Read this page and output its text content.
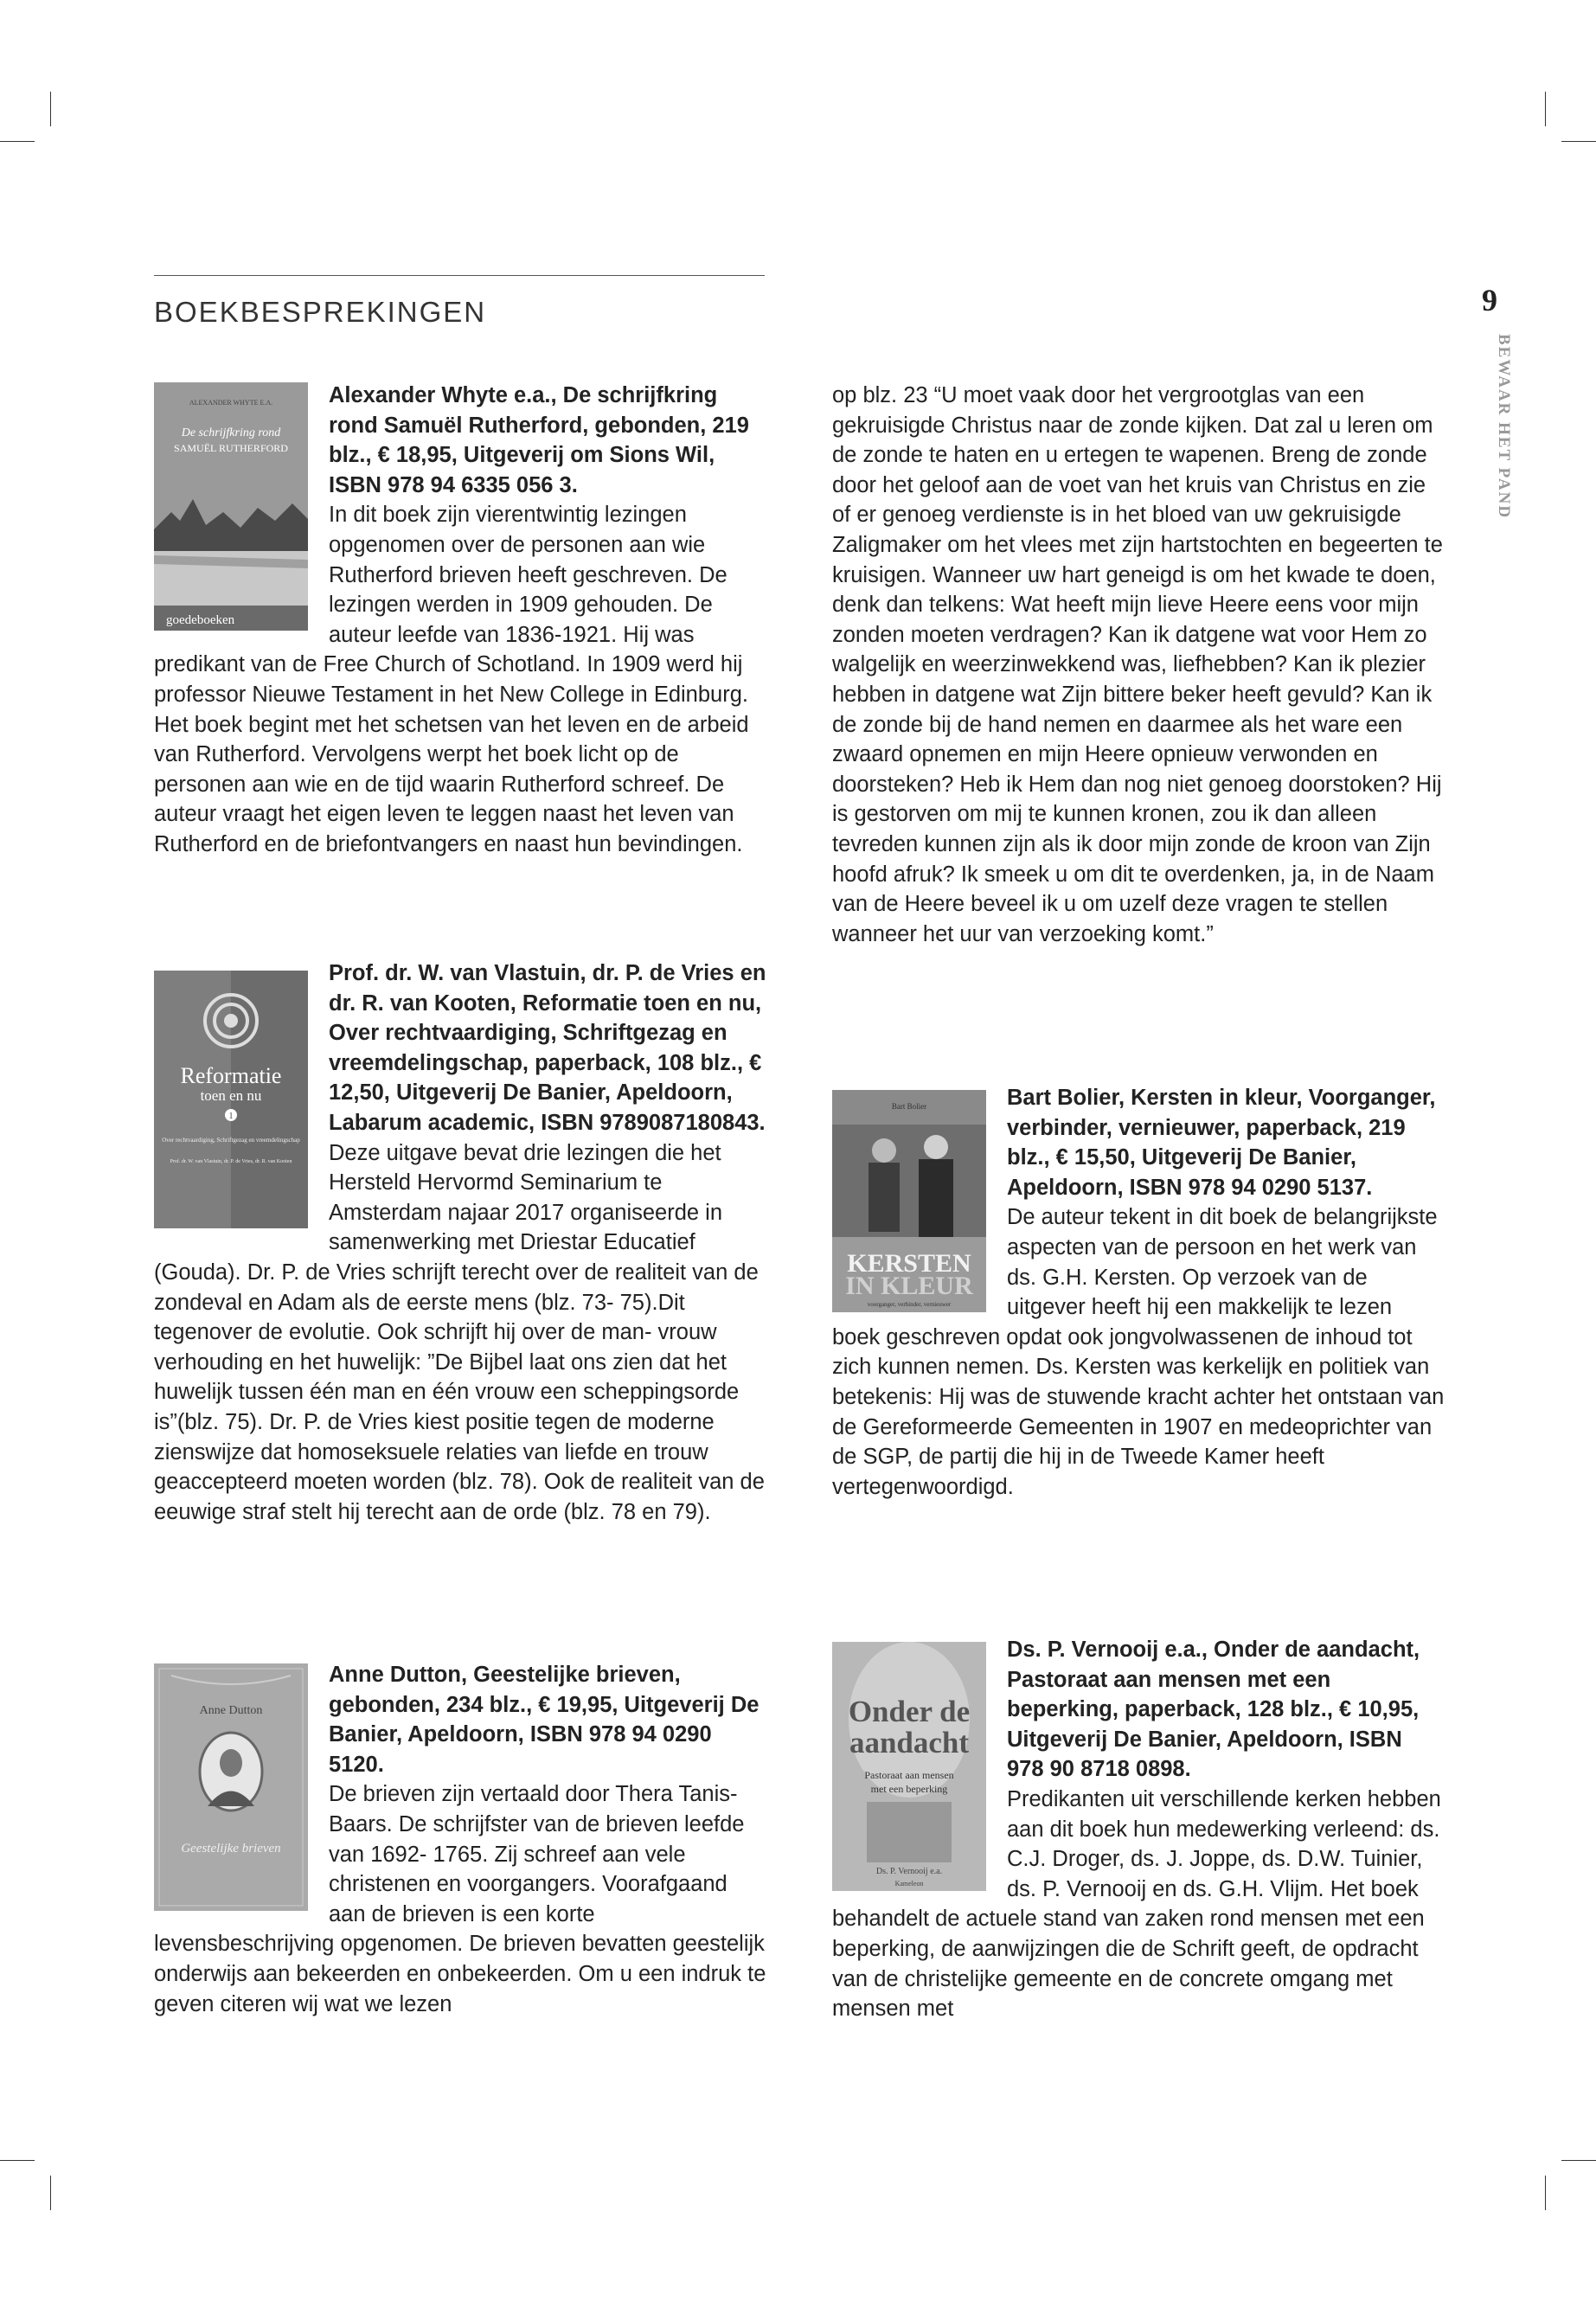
BOEKBESPREKINGEN	9
BEWAAR HET PAND
ALEXANDER WHYTE E.A.
De schrijfkring rond
SAMUËL RUTHERFORD
goedeboeken

Alexander Whyte e.a., De schrijfkring rond Samuël Rutherford, gebonden, 219 blz., € 18,95, Uitgeverij om Sions Wil, ISBN 978 94 6335 056 3.
In dit boek zijn vierentwintig lezingen opgenomen over de personen aan wie Rutherford brieven heeft geschreven. De lezingen werden in 1909 gehouden. De auteur leefde van 1836-1921. Hij was predikant van de Free Church of Schotland. In 1909 werd hij professor Nieuwe Testament in het New College in Edinburg. Het boek begint met het schetsen van het leven en de arbeid van Rutherford. Vervolgens werpt het boek licht op de personen aan wie en de tijd waarin Rutherford schreef. De auteur vraagt het eigen leven te leggen naast het leven van Rutherford en de briefontvangers en naast hun bevindingen.

Reformatie
toen en nu
1
Over rechtvaardiging, Schriftgezag en vreemdelingschap
Prof. dr. W. van Vlastuin, dr. P. de Vries, dr. R. van Kooten

Prof. dr. W. van Vlastuin, dr. P. de Vries en dr. R. van Kooten, Reformatie toen en nu, Over rechtvaardiging, Schriftgezag en vreemdelingschap, paperback, 108 blz., € 12,50, Uitgeverij De Banier, Apeldoorn, Labarum academic, ISBN 9789087180843.
Deze uitgave bevat drie lezingen die het Hersteld Hervormd Seminarium te Amsterdam najaar 2017 organiseerde in samenwerking met Driestar Educatief (Gouda). Dr. P. de Vries schrijft terecht over de realiteit van de zondeval en Adam als de eerste mens (blz. 73- 75).Dit tegenover de evolutie. Ook schrijft hij over de man- vrouw verhouding en het huwelijk: ”De Bijbel laat ons zien dat het huwelijk tussen één man en één vrouw een scheppingsorde is”(blz. 75). Dr. P. de Vries kiest positie tegen de moderne zienswijze dat homoseksuele relaties van liefde en trouw geaccepteerd moeten worden (blz. 78). Ook de realiteit van de eeuwige straf stelt hij terecht aan de orde (blz. 78 en 79).

Anne Dutton
Geestelijke brieven

Anne Dutton, Geestelijke brieven, gebonden, 234 blz., € 19,95, Uitgeverij De Banier, Apeldoorn, ISBN 978 94 0290 5120.
De brieven zijn vertaald door Thera Tanis- Baars. De schrijfster van de brieven leefde van 1692- 1765. Zij schreef aan vele christenen en voorgangers. Voorafgaand aan de brieven is een korte levensbeschrijving opgenomen. De brieven bevatten geestelijk onderwijs aan bekeerden en onbekeerden. Om u een indruk te geven citeren wij wat we lezen

op blz. 23 “U moet vaak door het vergrootglas van een gekruisigde Christus naar de zonde kijken. Dat zal u leren om de zonde te haten en u ertegen te wapenen. Breng de zonde door het geloof aan de voet van het kruis van Christus en zie of er genoeg verdienste is in het bloed van uw gekruisigde Zaligmaker om het vlees met zijn hartstochten en begeerten te kruisigen. Wanneer uw hart geneigd is om het kwade te doen, denk dan telkens: Wat heeft mijn lieve Heere eens voor mijn zonden moeten verdragen? Kan ik datgene wat voor Hem zo walgelijk en weerzinwekkend was, liefhebben? Kan ik plezier hebben in datgene wat Zijn bittere beker heeft gevuld? Kan ik de zonde bij de hand nemen en daarmee als het ware een zwaard opnemen en mijn Heere opnieuw verwonden en doorsteken? Heb ik Hem dan nog niet genoeg doorstoken? Hij is gestorven om mij te kunnen kronen, zou ik dan alleen tevreden kunnen zijn als ik door mijn zonde de kroon van Zijn hoofd afruk? Ik smeek u om dit te overdenken, ja, in de Naam van de Heere beveel ik u om uzelf deze vragen te stellen wanneer het uur van verzoeking komt.”

Bart Bolier
KERSTEN
IN KLEUR
voorganger, verbinder, vernieuwer

Bart Bolier, Kersten in kleur, Voorganger, verbinder, vernieuwer, paperback, 219 blz., € 15,50, Uitgeverij De Banier, Apeldoorn, ISBN 978 94 0290 5137.
De auteur tekent in dit boek de belangrijkste aspecten van de persoon en het werk van ds. G.H. Kersten. Op verzoek van de uitgever heeft hij een makkelijk te lezen boek geschreven opdat ook jongvolwassenen de inhoud tot zich kunnen nemen. Ds. Kersten was kerkelijk en politiek van betekenis: Hij was de stuwende kracht achter het ontstaan van de Gereformeerde Gemeenten in 1907 en medeoprichter van de SGP, de partij die hij in de Tweede Kamer heeft vertegenwoordigd.

Onder de
aandacht
Pastoraat aan mensen
met een beperking
Ds. P. Vernooij e.a.
Kameleon

Ds. P. Vernooij e.a., Onder de aandacht, Pastoraat aan mensen met een beperking, paperback, 128 blz., € 10,95, Uitgeverij De Banier, Apeldoorn, ISBN 978 90 8718 0898.
Predikanten uit verschillende kerken hebben aan dit boek hun medewerking verleend: ds. C.J. Droger, ds. J. Joppe, ds. D.W. Tuinier, ds. P. Vernooij en ds. G.H. Vlijm. Het boek behandelt de actuele stand van zaken rond mensen met een beperking, de aanwijzingen die de Schrift geeft, de opdracht van de christelijke gemeente en de concrete omgang met mensen met
